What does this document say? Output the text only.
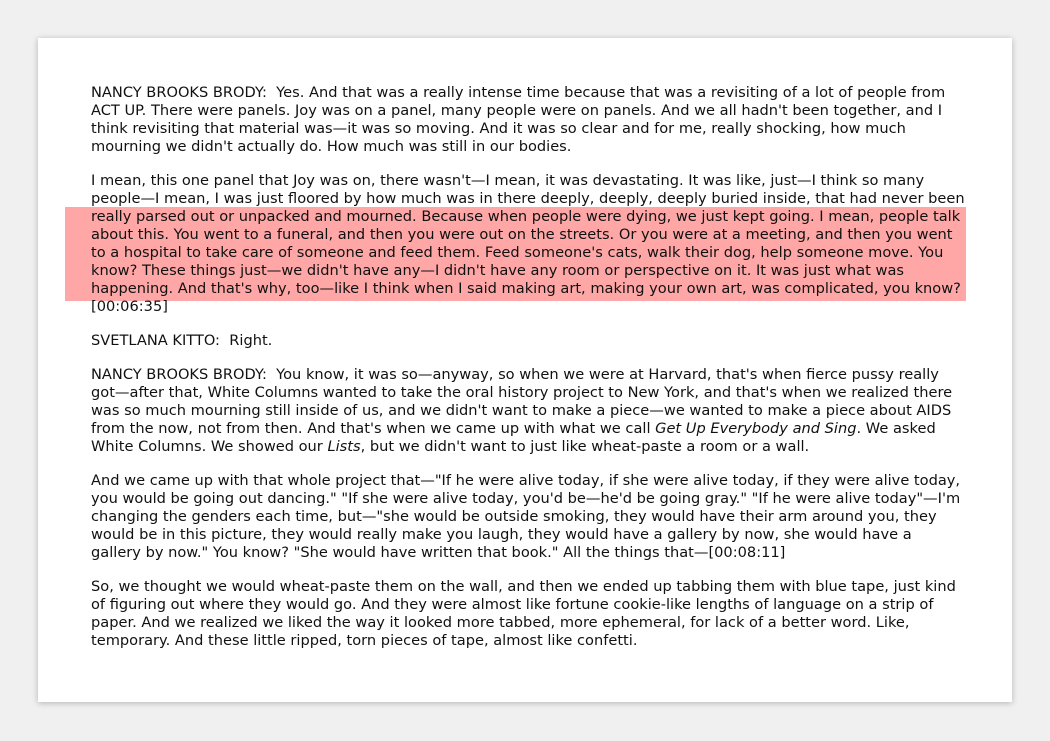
NANCY BROOKS BRODY: Yes. And that was a really intense time because that was a revisiting of a lot of people from ACT UP. There were panels. Joy was on a panel, many people were on panels. And we all hadn't been together, and I think revisiting that material was—it was so moving. And it was so clear and for me, really shocking, how much mourning we didn't actually do. How much was still in our bodies.

I mean, this one panel that Joy was on, there wasn't—I mean, it was devastating. It was like, just—I think so many people—I mean, I was just floored by how much was in there deeply, deeply, deeply buried inside, that had never been really parsed out or unpacked and mourned. Because when people were dying, we just kept going. I mean, people talk about this. You went to a funeral, and then you were out on the streets. Or you were at a meeting, and then you went to a hospital to take care of someone and feed them. Feed someone's cats, walk their dog, help someone move. You know? These things just—we didn't have any—I didn't have any room or perspective on it. It was just what was happening. And that's why, too—like I think when I said making art, making your own art, was complicated, you know? [00:06:35]

SVETLANA KITTO: Right.

NANCY BROOKS BRODY: You know, it was so—anyway, so when we were at Harvard, that's when fierce pussy really got—after that, White Columns wanted to take the oral history project to New York, and that's when we realized there was so much mourning still inside of us, and we didn't want to make a piece—we wanted to make a piece about AIDS from the now, not from then. And that's when we came up with what we call Get Up Everybody and Sing. We asked White Columns. We showed our Lists, but we didn't want to just like wheat-paste a room or a wall.

And we came up with that whole project that—"If he were alive today, if she were alive today, if they were alive today, you would be going out dancing." "If she were alive today, you'd be—he'd be going gray." "If he were alive today"—I'm changing the genders each time, but—"she would be outside smoking, they would have their arm around you, they would be in this picture, they would really make you laugh, they would have a gallery by now, she would have a gallery by now." You know? "She would have written that book." All the things that—[00:08:11]

So, we thought we would wheat-paste them on the wall, and then we ended up tabbing them with blue tape, just kind of figuring out where they would go. And they were almost like fortune cookie-like lengths of language on a strip of paper. And we realized we liked the way it looked more tabbed, more ephemeral, for lack of a better word. Like, temporary. And these little ripped, torn pieces of tape, almost like confetti.
